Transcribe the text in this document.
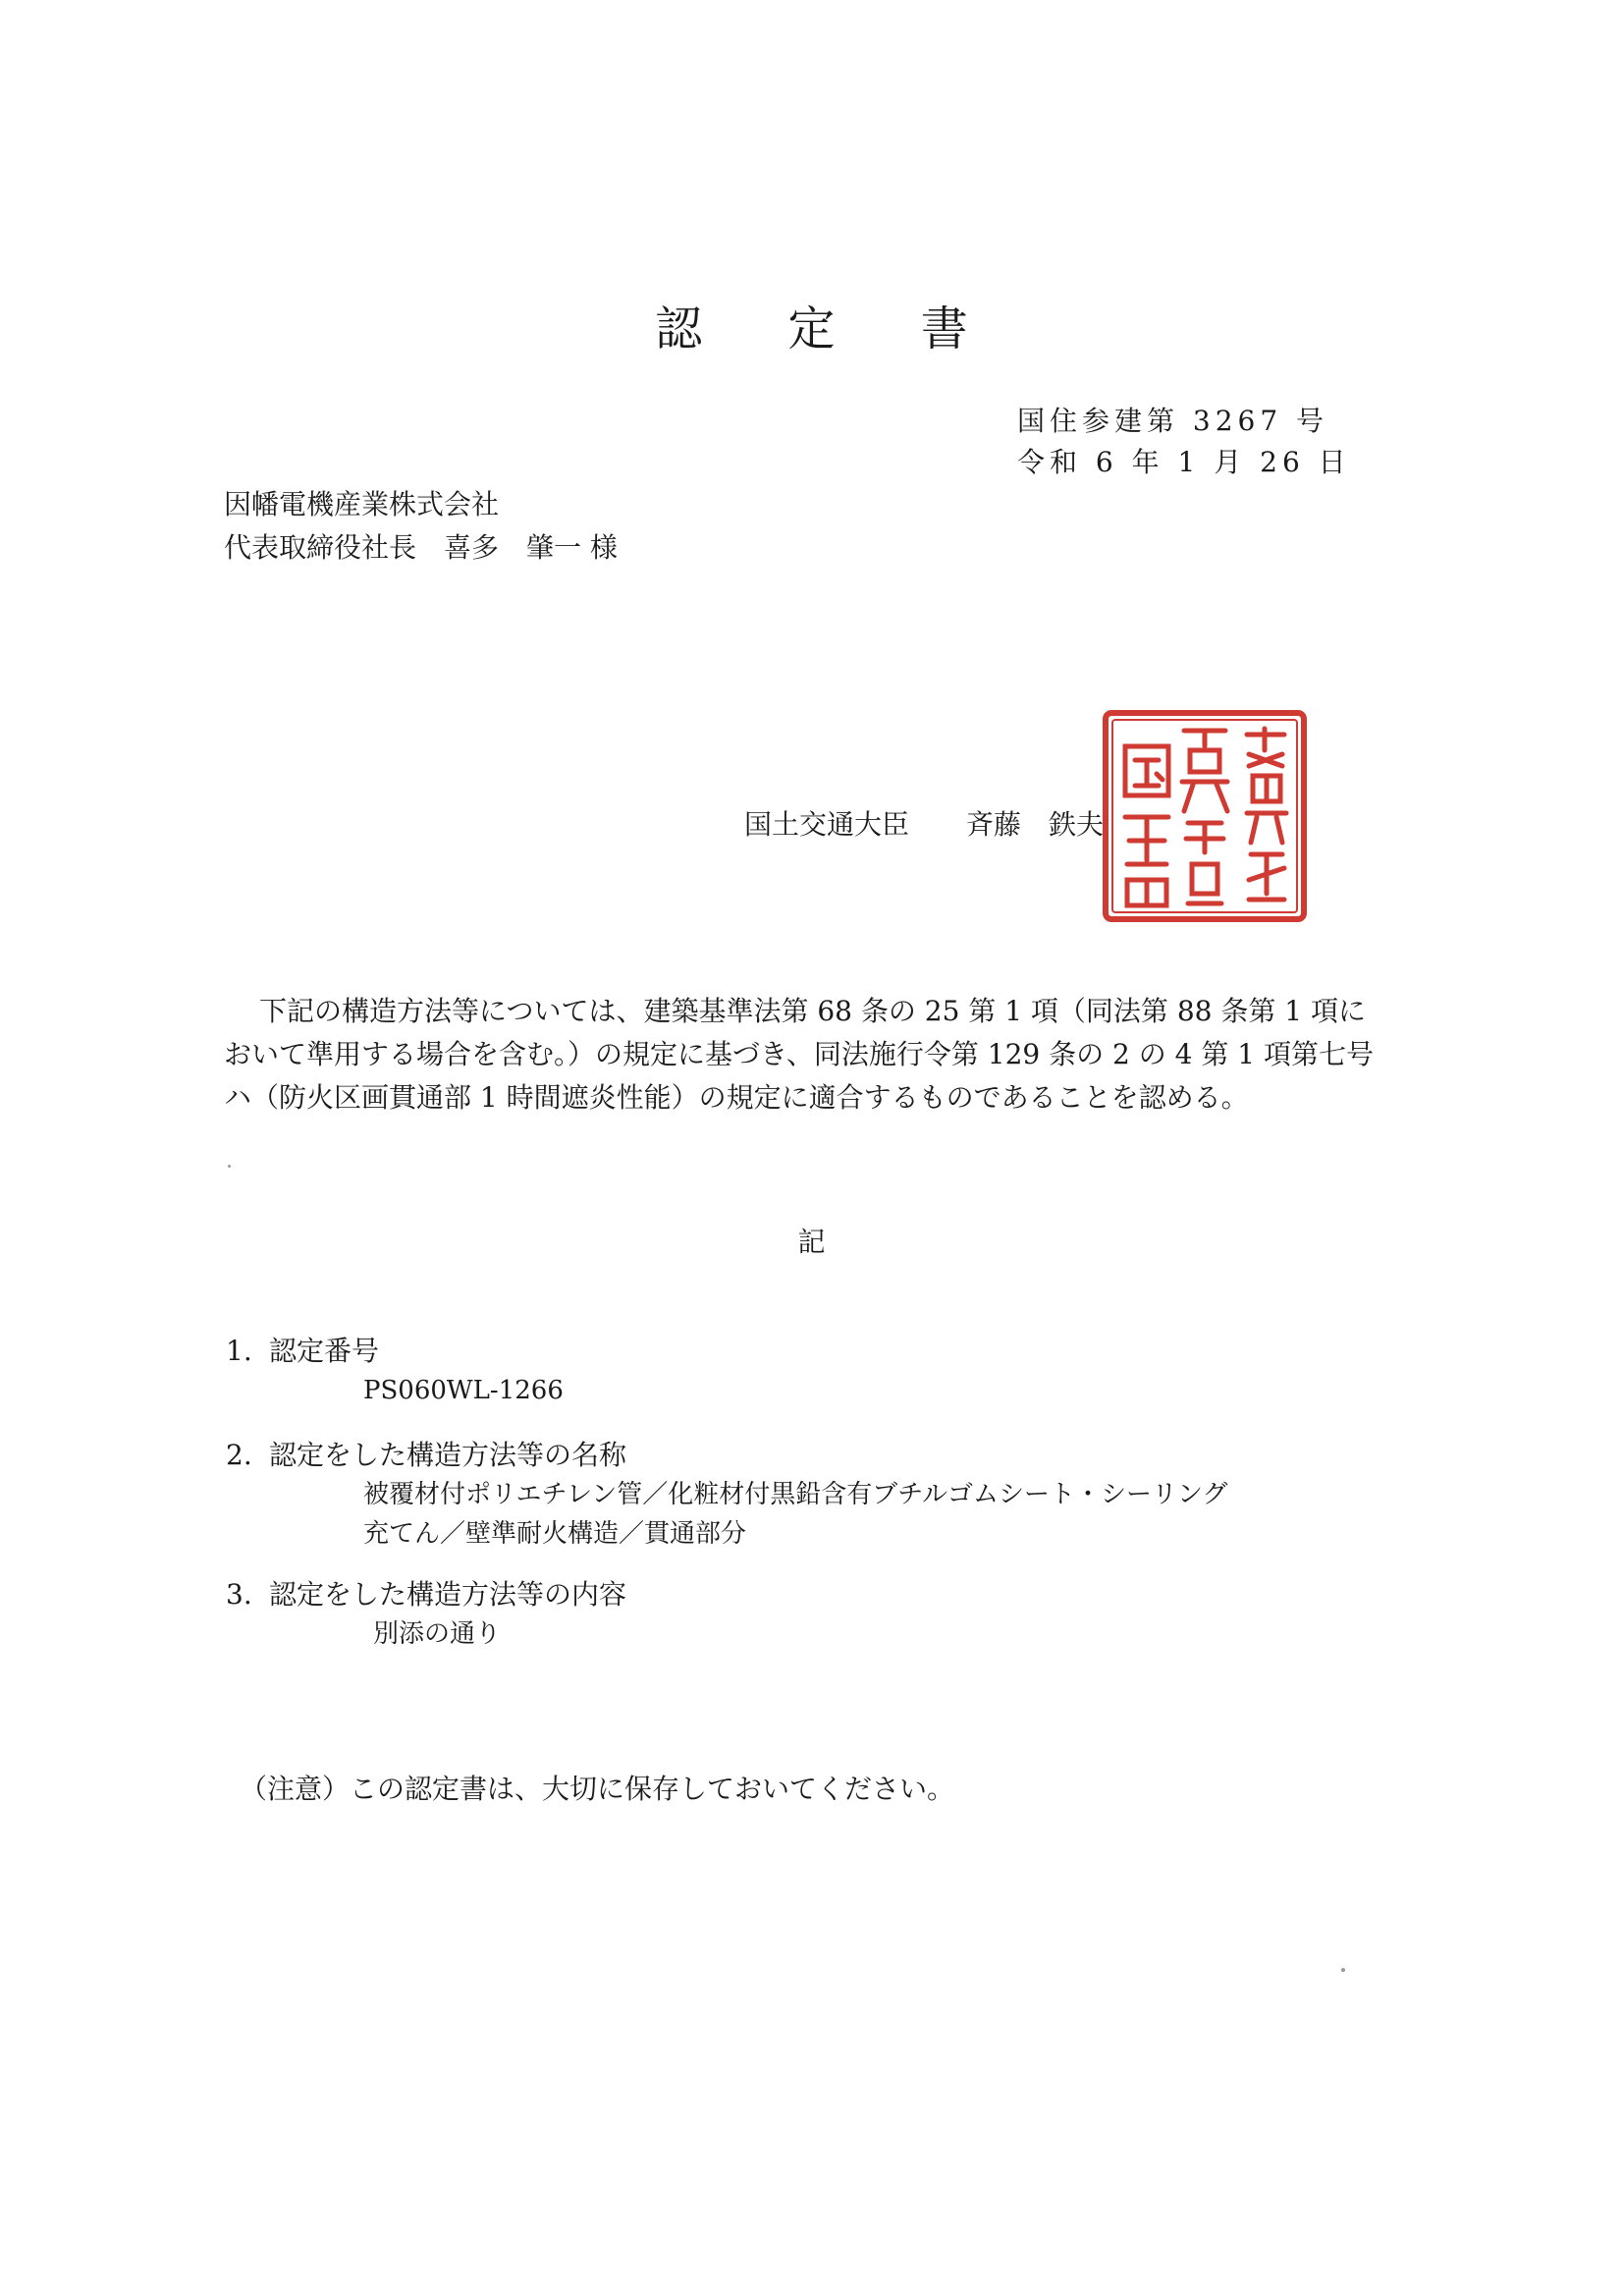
認 定 書
国住参建第 3267 号
令和 6 年 1 月 26 日
因幡電機産業株式会社
代表取締役社長　喜多　肇一 様
国土交通大臣 斉藤　鉄夫
下記の構造方法等については、建築基準法第 68 条の 25 第 1 項（同法第 88 条第 1 項において準用する場合を含む。）の規定に基づき、同法施行令第 129 条の 2 の 4 第 1 項第七号ハ（防火区画貫通部 1 時間遮炎性能）の規定に適合するものであることを認める。
記
1. 認定番号
PS060WL-1266
2. 認定をした構造方法等の名称
被覆材付ポリエチレン管／化粧材付黒鉛含有ブチルゴムシート・シーリング
充てん／壁準耐火構造／貫通部分
3. 認定をした構造方法等の内容
別添の通り
（注意）この認定書は、大切に保存しておいてください。
